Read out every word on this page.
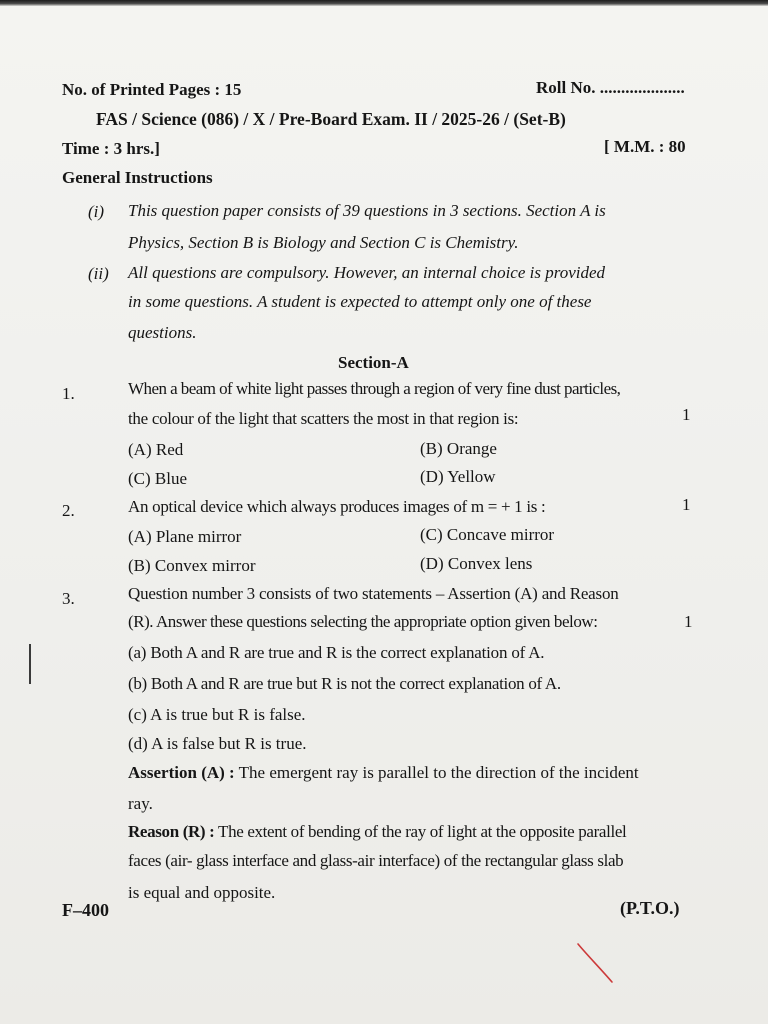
No. of Printed Pages : 15	Roll No. ....................
FAS / Science (086) / X / Pre-Board Exam. II / 2025-26 / (Set-B)
Time : 3 hrs.]	[ M.M. : 80
General Instructions
(i) This question paper consists of 39 questions in 3 sections. Section A is
Physics, Section B is Biology and Section C is Chemistry.
(ii) All questions are compulsory. However, an internal choice is provided
in some questions. A student is expected to attempt only one of these
questions.
Section-A
1.	When a beam of white light passes through a region of very fine dust particles,
the colour of the light that scatters the most in that region is:	1
(A) Red	(B) Orange
(C) Blue	(D) Yellow
2.	An optical device which always produces images of m = + 1 is :	1
(A) Plane mirror	(C) Concave mirror
(B) Convex mirror	(D) Convex lens
3.	Question number 3 consists of two statements – Assertion (A) and Reason
(R). Answer these questions selecting the appropriate option given below:	1
(a) Both A and R are true and R is the correct explanation of A.
(b) Both A and R are true but R is not the correct explanation of A.
(c) A is true but R is false.
(d) A is false but R is true.
Assertion (A) : The emergent ray is parallel to the direction of the incident
ray.
Reason (R) : The extent of bending of the ray of light at the opposite parallel
faces (air- glass interface and glass-air interface) of the rectangular glass slab
is equal and opposite.
F–400	(P.T.O.)
